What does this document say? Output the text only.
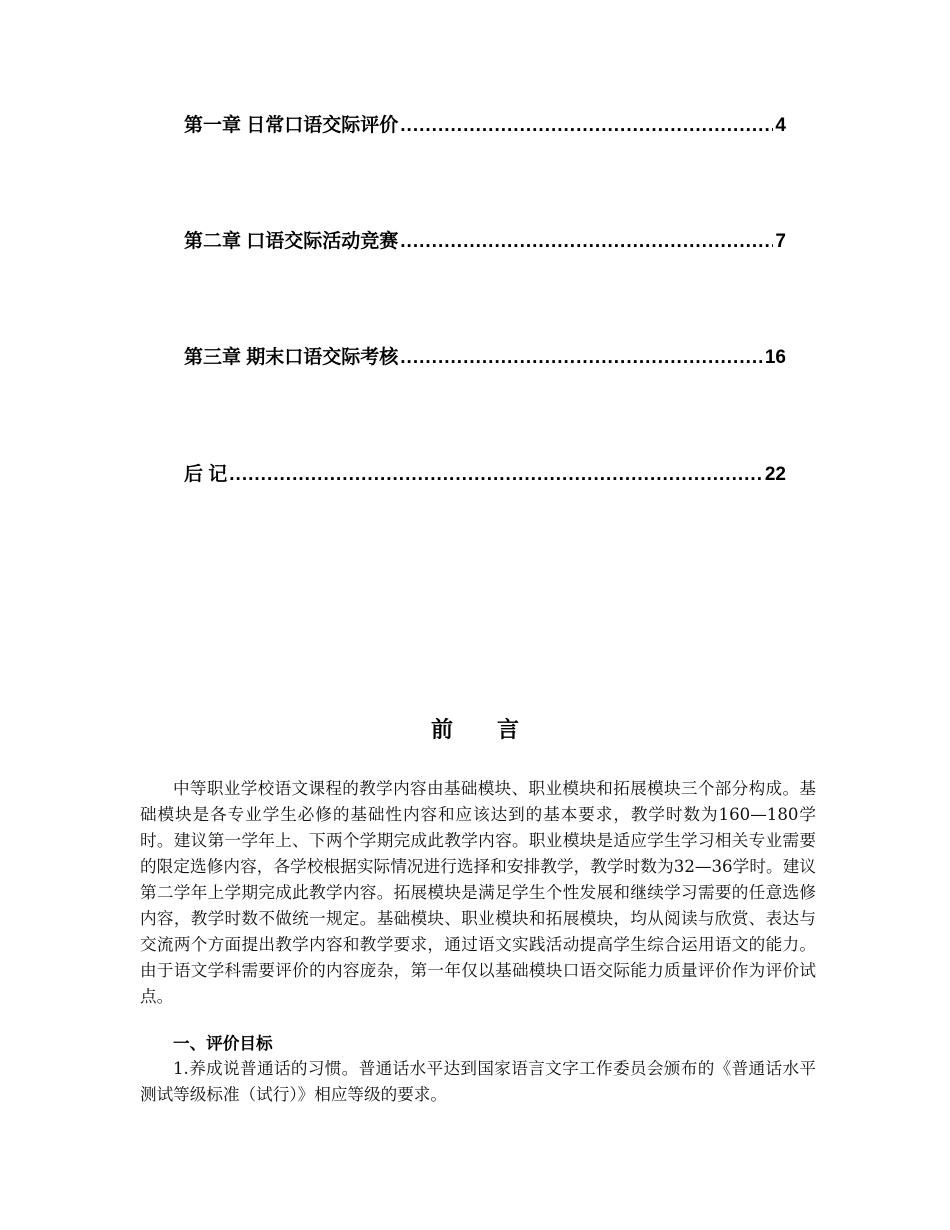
第一章 日常口语交际评价 .....	4
第二章 口语交际活动竞赛 .....	7
第三章 期末口语交际考核 .....	16
后 记 .....	22
前言

中等职业学校语文课程的教学内容由基础模块、职业模块和拓展模块三个部分构成。基础模块是各专业学生必修的基础性内容和应该达到的基本要求，教学时数为160—180学时。建议第一学年上、下两个学期完成此教学内容。职业模块是适应学生学习相关专业需要的限定选修内容，各学校根据实际情况进行选择和安排教学，教学时数为32—36学时。建议第二学年上学期完成此教学内容。拓展模块是满足学生个性发展和继续学习需要的任意选修内容，教学时数不做统一规定。基础模块、职业模块和拓展模块，均从阅读与欣赏、表达与交流两个方面提出教学内容和教学要求，通过语文实践活动提高学生综合运用语文的能力。由于语文学科需要评价的内容庞杂，第一年仅以基础模块口语交际能力质量评价作为评价试点。

一、评价目标

1.养成说普通话的习惯。普通话水平达到国家语言文字工作委员会颁布的《普通话水平测试等级标准（试行）》相应等级的要求。
